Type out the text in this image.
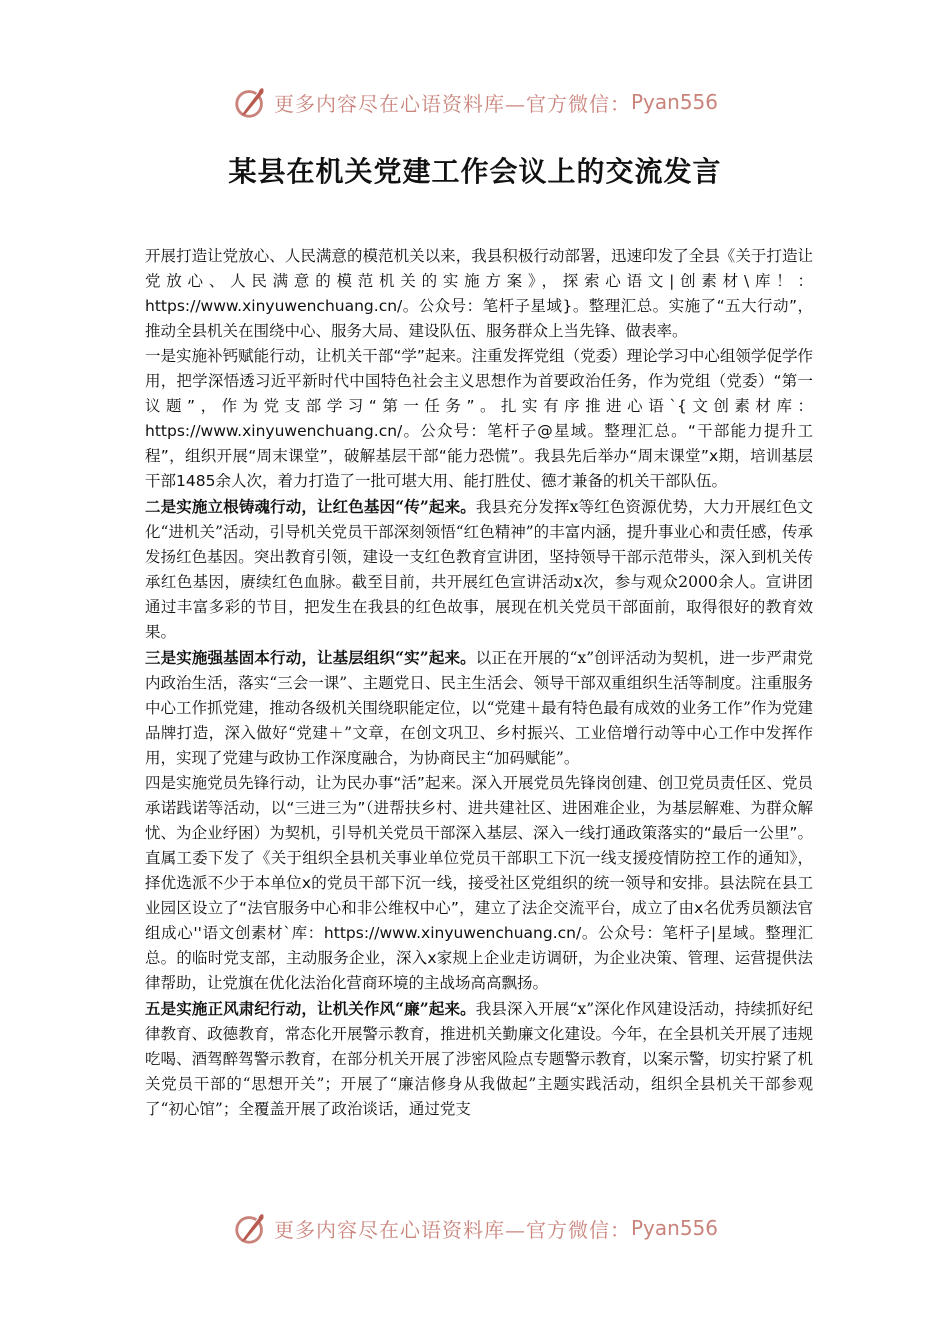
更多内容尽在心语资料库—官方微信： Pyan556
某县在机关党建工作会议上的交流发言

开展打造让党放心、人民满意的模范机关以来，我县积极行动部署，迅速印发了全县《关于打造让党放心、人民满意的模范机关的实施方案》，探索心语文|创素材\库！：https://www.xinyuwenchuang.cn/。公众号：笔杆子星域}。整理汇总。实施了“五大行动”，推动全县机关在围绕中心、服务大局、建设队伍、服务群众上当先锋、做表率。

一是实施补钙赋能行动，让机关干部“学”起来。注重发挥党组（党委）理论学习中心组领学促学作用，把学深悟透习近平新时代中国特色社会主义思想作为首要政治任务，作为党组（党委）“第一议题”，作为党支部学习“第一任务”。扎实有序推进心语`{文创素材库：https://www.xinyuwenchuang.cn/。公众号：笔杆子@星域。整理汇总。“干部能力提升工程”，组织开展“周末课堂”，破解基层干部“能力恐慌”。我县先后举办“周末课堂”x期，培训基层干部1485余人次，着力打造了一批可堪大用、能打胜仗、德才兼备的机关干部队伍。

二是实施立根铸魂行动，让红色基因“传”起来。我县充分发挥x等红色资源优势，大力开展红色文化“进机关”活动，引导机关党员干部深刻领悟“红色精神”的丰富内涵，提升事业心和责任感，传承发扬红色基因。突出教育引领，建设一支红色教育宣讲团，坚持领导干部示范带头，深入到机关传承红色基因，赓续红色血脉。截至目前，共开展红色宣讲活动x次，参与观众2000余人。宣讲团通过丰富多彩的节目，把发生在我县的红色故事，展现在机关党员干部面前，取得很好的教育效果。

三是实施强基固本行动，让基层组织“实”起来。以正在开展的“x”创评活动为契机，进一步严肃党内政治生活，落实“三会一课”、主题党日、民主生活会、领导干部双重组织生活等制度。注重服务中心工作抓党建，推动各级机关围绕职能定位，以“党建＋最有特色最有成效的业务工作”作为党建品牌打造，深入做好“党建＋”文章，在创文巩卫、乡村振兴、工业倍增行动等中心工作中发挥作用，实现了党建与政协工作深度融合，为协商民主“加码赋能”。

四是实施党员先锋行动，让为民办事“活”起来。深入开展党员先锋岗创建、创卫党员责任区、党员承诺践诺等活动，以“三进三为”（进帮扶乡村、进共建社区、进困难企业，为基层解难、为群众解忧、为企业纾困）为契机，引导机关党员干部深入基层、深入一线打通政策落实的“最后一公里”。直属工委下发了《关于组织全县机关事业单位党员干部职工下沉一线支援疫情防控工作的通知》，择优选派不少于本单位x的党员干部下沉一线，接受社区党组织的统一领导和安排。县法院在县工业园区设立了“法官服务中心和非公维权中心”，建立了法企交流平台，成立了由x名优秀员额法官组成心''语文创素材`库：https://www.xinyuwenchuang.cn/。公众号：笔杆子|星域。整理汇总。的临时党支部，主动服务企业，深入x家规上企业走访调研，为企业决策、管理、运营提供法律帮助，让党旗在优化法治化营商环境的主战场高高飘扬。

五是实施正风肃纪行动，让机关作风“廉”起来。我县深入开展“x”深化作风建设活动，持续抓好纪律教育、政德教育，常态化开展警示教育，推进机关勤廉文化建设。今年，在全县机关开展了违规吃喝、酒驾醉驾警示教育，在部分机关开展了涉密风险点专题警示教育，以案示警，切实拧紧了机关党员干部的“思想开关”；开展了“廉洁修身从我做起”主题实践活动，组织全县机关干部参观了“初心馆”；全覆盖开展了政治谈话，通过党支

更多内容尽在心语资料库—官方微信： Pyan556
